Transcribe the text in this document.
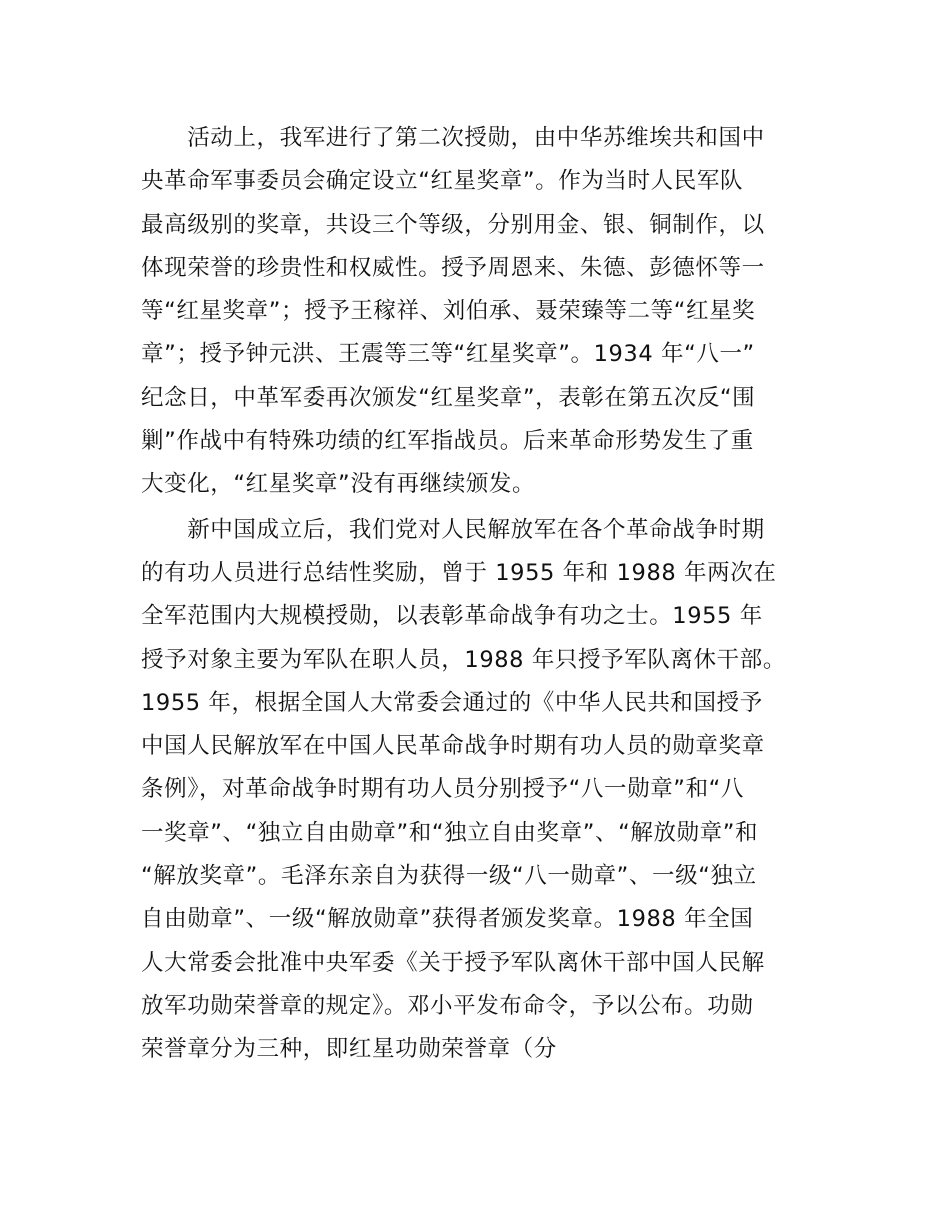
　　活动上，我军进行了第二次授勋，由中华苏维埃共和国中
央革命军事委员会确定设立“红星奖章”。作为当时人民军队
最高级别的奖章，共设三个等级，分别用金、银、铜制作，以
体现荣誉的珍贵性和权威性。授予周恩来、朱德、彭德怀等一
等“红星奖章”；授予王稼祥、刘伯承、聂荣臻等二等“红星奖
章”；授予钟元洪、王震等三等“红星奖章”。1934 年“八一”
纪念日，中革军委再次颁发“红星奖章”，表彰在第五次反“围
剿”作战中有特殊功绩的红军指战员。后来革命形势发生了重
大变化，“红星奖章”没有再继续颁发。
　　新中国成立后，我们党对人民解放军在各个革命战争时期
的有功人员进行总结性奖励，曾于 1955 年和 1988 年两次在
全军范围内大规模授勋，以表彰革命战争有功之士。1955 年
授予对象主要为军队在职人员，1988 年只授予军队离休干部。
1955 年，根据全国人大常委会通过的《中华人民共和国授予
中国人民解放军在中国人民革命战争时期有功人员的勋章奖章
条例》，对革命战争时期有功人员分别授予“八一勋章”和“八
一奖章”、“独立自由勋章”和“独立自由奖章”、“解放勋章”和
“解放奖章”。毛泽东亲自为获得一级“八一勋章”、一级“独立
自由勋章”、一级“解放勋章”获得者颁发奖章。1988 年全国
人大常委会批准中央军委《关于授予军队离休干部中国人民解
放军功勋荣誉章的规定》。邓小平发布命令，予以公布。功勋
荣誉章分为三种，即红星功勋荣誉章（分
